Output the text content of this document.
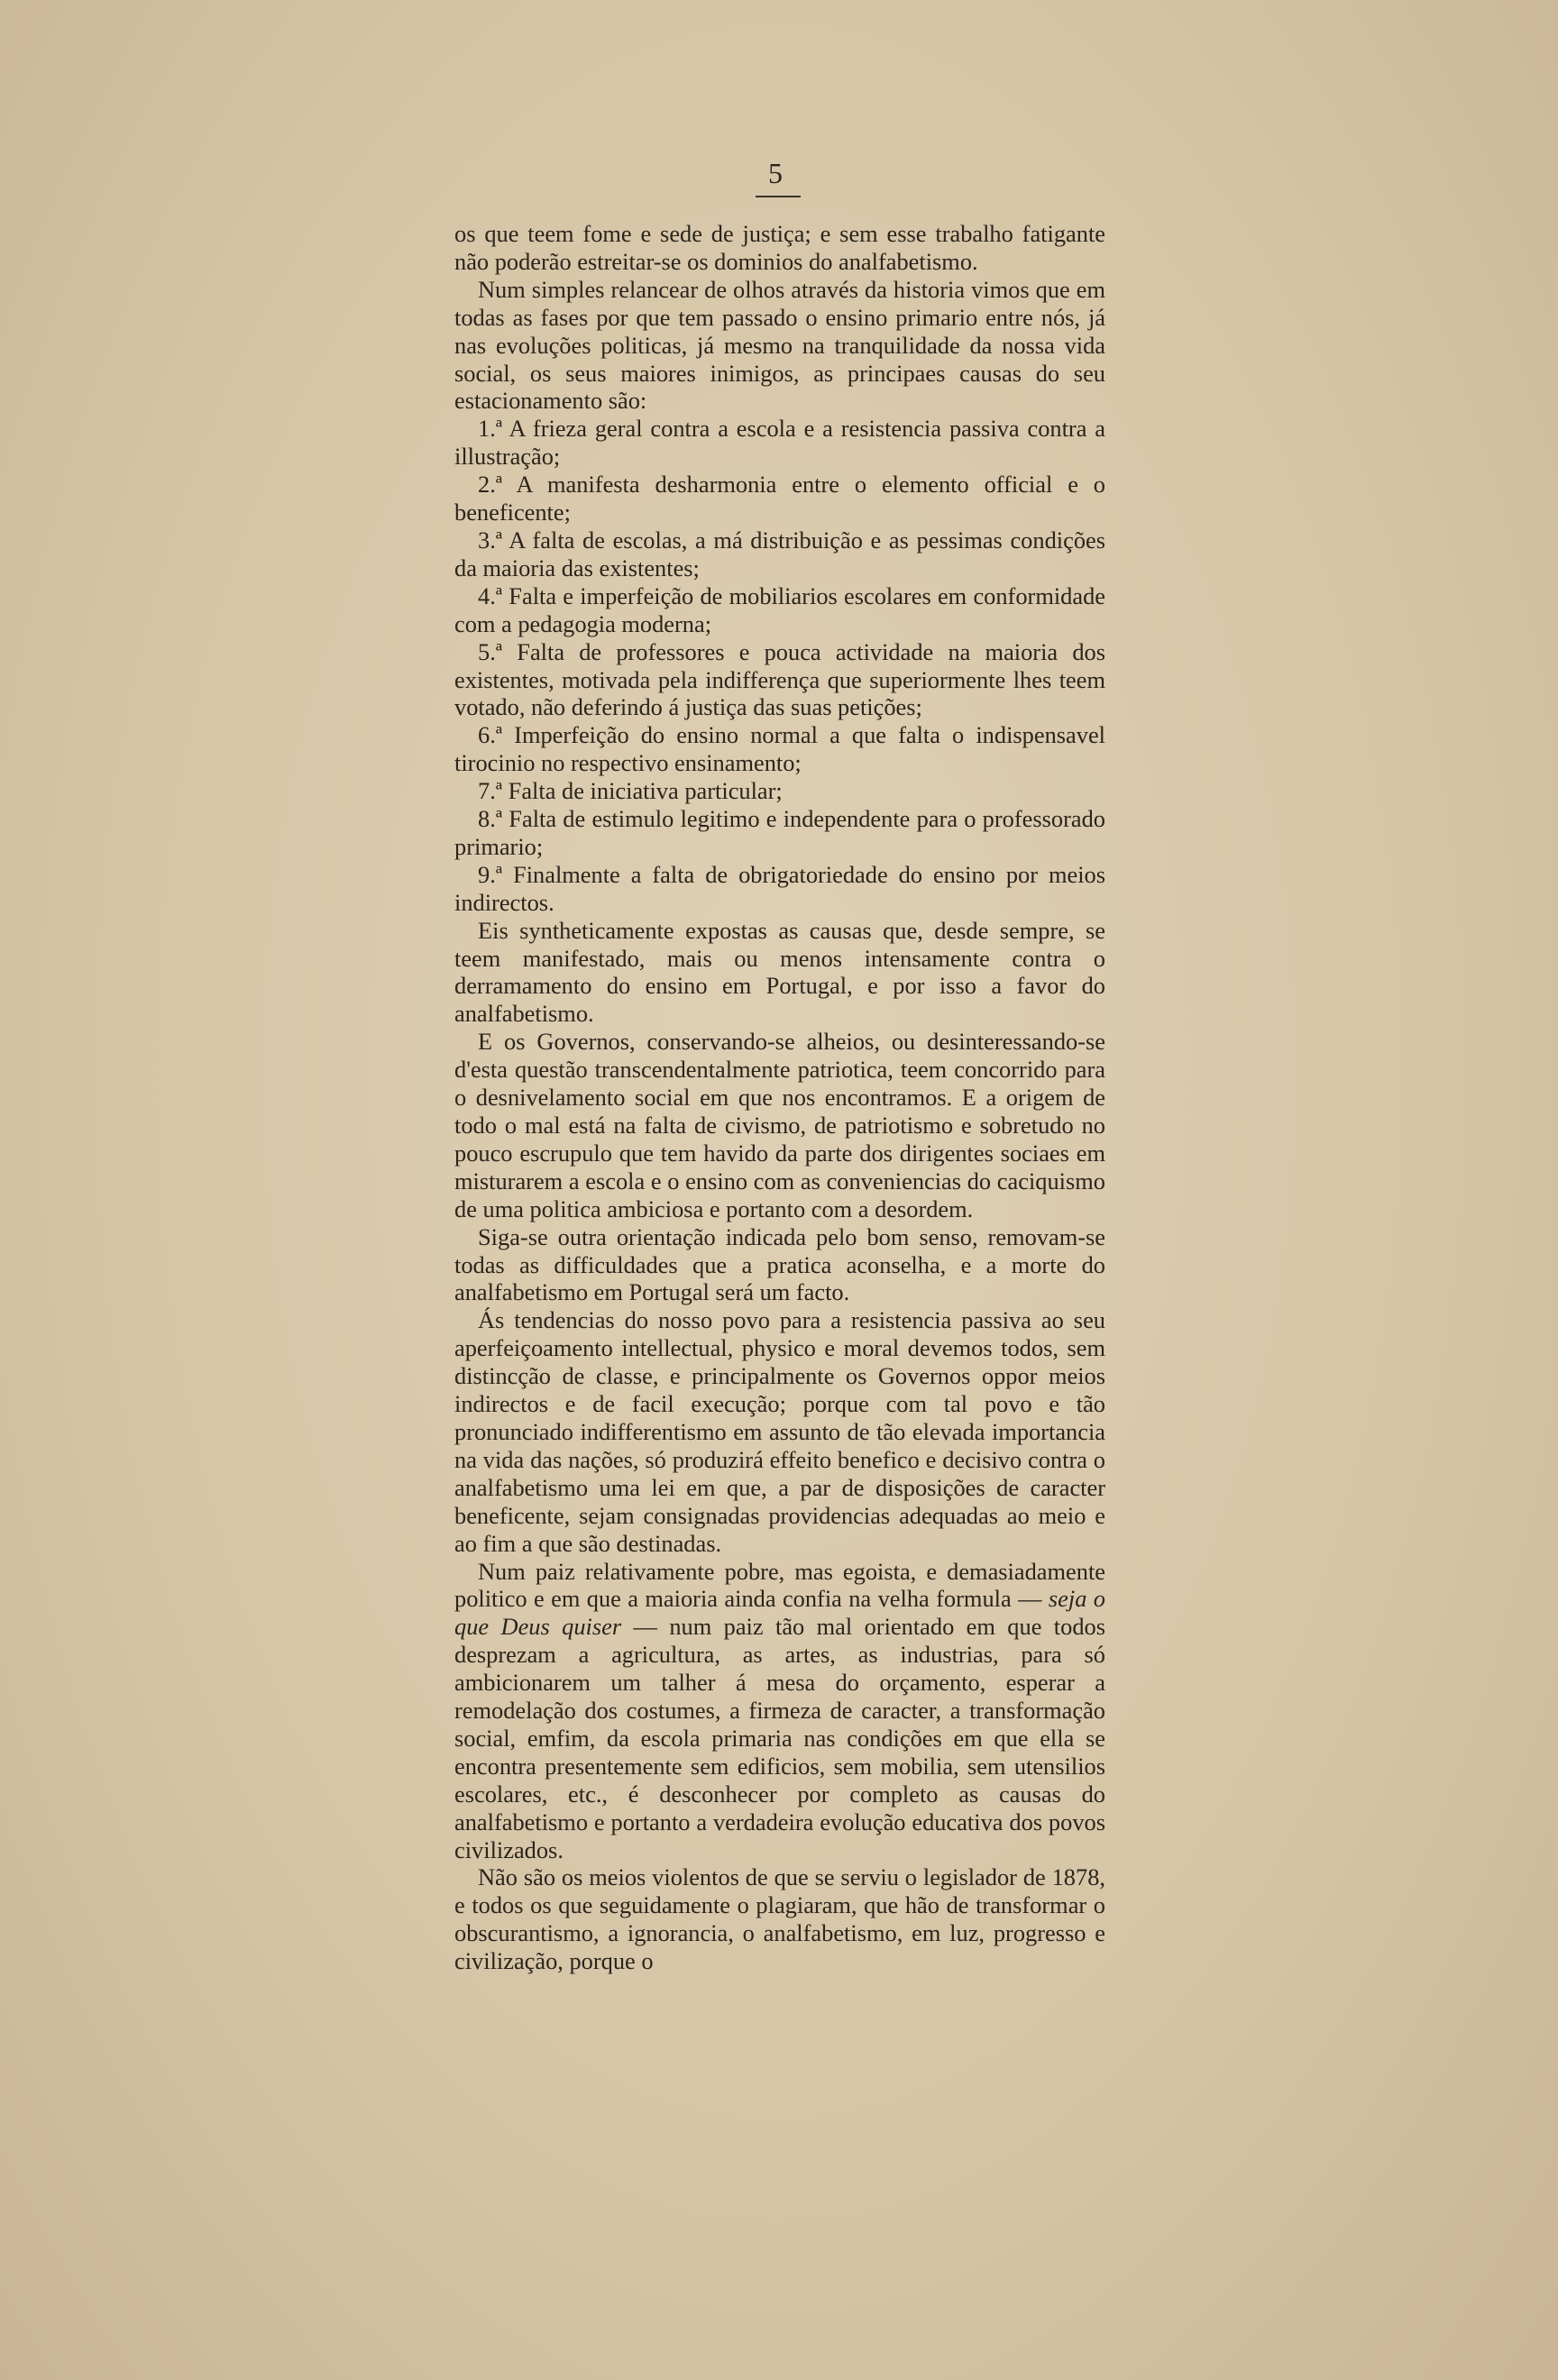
5

os que teem fome e sede de justiça; e sem esse trabalho fatigante não poderão estreitar-se os dominios do analfabetismo.

Num simples relancear de olhos através da historia vimos que em todas as fases por que tem passado o ensino primario entre nós, já nas evoluções politicas, já mesmo na tranquilidade da nossa vida social, os seus maiores inimigos, as principaes causas do seu estacionamento são:

1.ª A frieza geral contra a escola e a resistencia passiva contra a illustração;

2.ª A manifesta desharmonia entre o elemento official e o beneficente;

3.ª A falta de escolas, a má distribuição e as pessimas condições da maioria das existentes;

4.ª Falta e imperfeição de mobiliarios escolares em conformidade com a pedagogia moderna;

5.ª Falta de professores e pouca actividade na maioria dos existentes, motivada pela indifferença que superiormente lhes teem votado, não deferindo á justiça das suas petições;

6.ª Imperfeição do ensino normal a que falta o indispensavel tirocinio no respectivo ensinamento;

7.ª Falta de iniciativa particular;

8.ª Falta de estimulo legitimo e independente para o professorado primario;

9.ª Finalmente a falta de obrigatoriedade do ensino por meios indirectos.

Eis syntheticamente expostas as causas que, desde sempre, se teem manifestado, mais ou menos intensamente contra o derramamento do ensino em Portugal, e por isso a favor do analfabetismo.

E os Governos, conservando-se alheios, ou desinteressando-se d'esta questão transcendentalmente patriotica, teem concorrido para o desnivelamento social em que nos encontramos. E a origem de todo o mal está na falta de civismo, de patriotismo e sobretudo no pouco escrupulo que tem havido da parte dos dirigentes sociaes em misturarem a escola e o ensino com as conveniencias do caciquismo de uma politica ambiciosa e portanto com a desordem.

Siga-se outra orientação indicada pelo bom senso, removam-se todas as difficuldades que a pratica aconselha, e a morte do analfabetismo em Portugal será um facto.

Ás tendencias do nosso povo para a resistencia passiva ao seu aperfeiçoamento intellectual, physico e moral devemos todos, sem distincção de classe, e principalmente os Governos oppor meios indirectos e de facil execução; porque com tal povo e tão pronunciado indifferentismo em assunto de tão elevada importancia na vida das nações, só produzirá effeito benefico e decisivo contra o analfabetismo uma lei em que, a par de disposições de caracter beneficente, sejam consignadas providencias adequadas ao meio e ao fim a que são destinadas.

Num paiz relativamente pobre, mas egoista, e demasiadamente politico e em que a maioria ainda confia na velha formula — seja o que Deus quiser — num paiz tão mal orientado em que todos desprezam a agricultura, as artes, as industrias, para só ambicionarem um talher á mesa do orçamento, esperar a remodelação dos costumes, a firmeza de caracter, a transformação social, emfim, da escola primaria nas condições em que ella se encontra presentemente sem edificios, sem mobilia, sem utensilios escolares, etc., é desconhecer por completo as causas do analfabetismo e portanto a verdadeira evolução educativa dos povos civilizados.

Não são os meios violentos de que se serviu o legislador de 1878, e todos os que seguidamente o plagiaram, que hão de transformar o obscurantismo, a ignorancia, o analfabetismo, em luz, progresso e civilização, porque o
